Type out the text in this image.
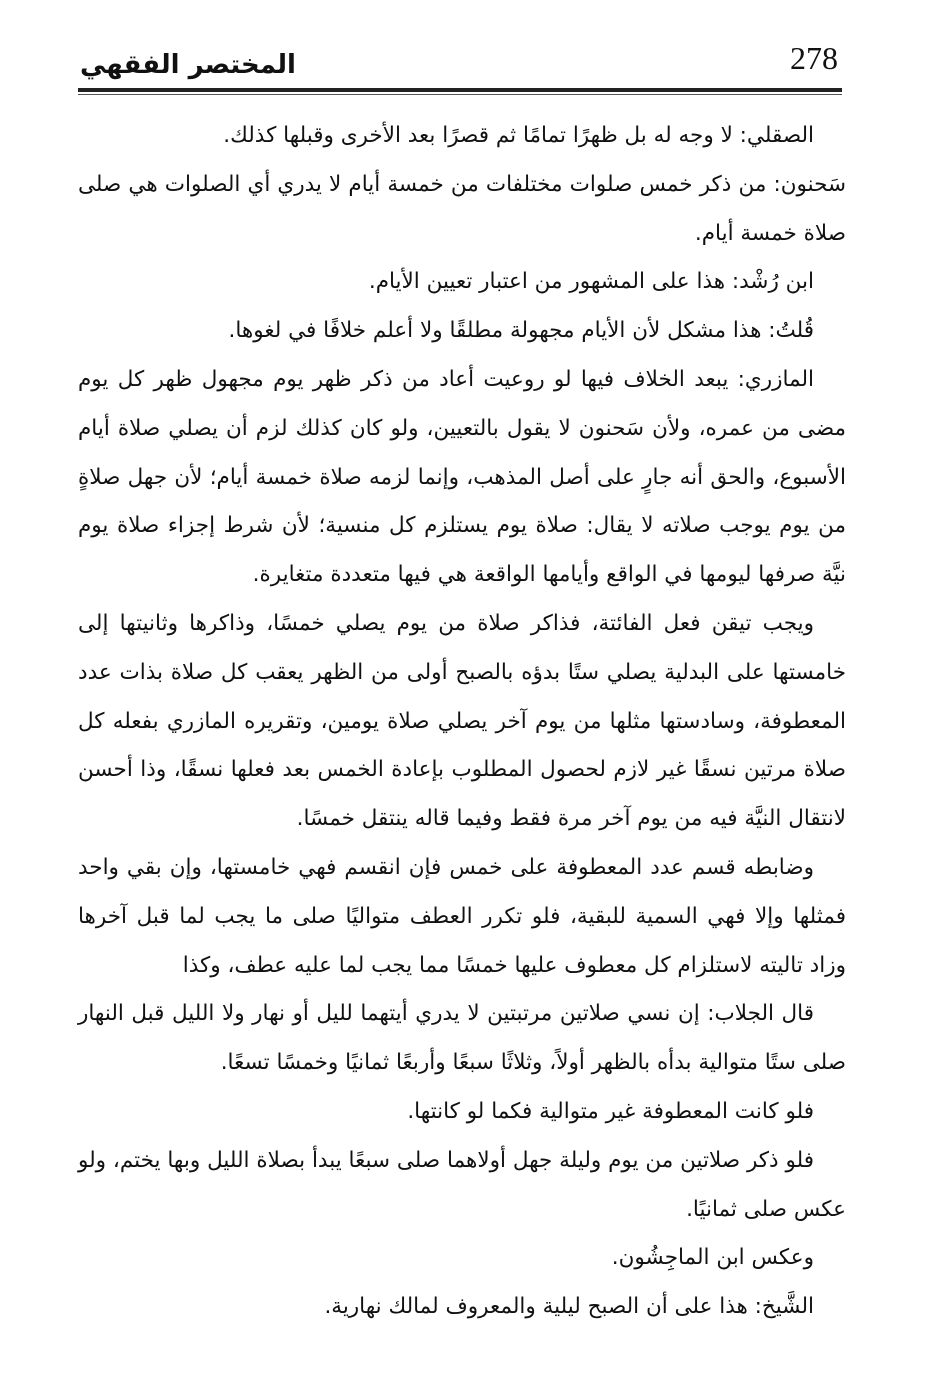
278
المختصر الفقهي

الصقلي: لا وجه له بل ظهرًا تمامًا ثم قصرًا بعد الأخرى وقبلها كذلك.

سَحنون: من ذكر خمس صلوات مختلفات من خمسة أيام لا يدري أي الصلوات هي صلى صلاة خمسة أيام.

ابن رُشْد: هذا على المشهور من اعتبار تعيين الأيام.

قُلتُ: هذا مشكل لأن الأيام مجهولة مطلقًا ولا أعلم خلافًا في لغوها.

المازري: يبعد الخلاف فيها لو روعيت أعاد من ذكر ظهر يوم مجهول ظهر كل يوم مضى من عمره، ولأن سَحنون لا يقول بالتعيين، ولو كان كذلك لزم أن يصلي صلاة أيام الأسبوع، والحق أنه جارٍ على أصل المذهب، وإنما لزمه صلاة خمسة أيام؛ لأن جهل صلاةٍ من يوم يوجب صلاته لا يقال: صلاة يوم يستلزم كل منسية؛ لأن شرط إجزاء صلاة يوم نيَّة صرفها ليومها في الواقع وأيامها الواقعة هي فيها متعددة متغايرة.

ويجب تيقن فعل الفائتة، فذاكر صلاة من يوم يصلي خمسًا، وذاكرها وثانيتها إلى خامستها على البدلية يصلي ستًا بدؤه بالصبح أولى من الظهر يعقب كل صلاة بذات عدد المعطوفة، وسادستها مثلها من يوم آخر يصلي صلاة يومين، وتقريره المازري بفعله كل صلاة مرتين نسقًا غير لازم لحصول المطلوب بإعادة الخمس بعد فعلها نسقًا، وذا أحسن لانتقال النيَّة فيه من يوم آخر مرة فقط وفيما قاله ينتقل خمسًا.

وضابطه قسم عدد المعطوفة على خمس فإن انقسم فهي خامستها، وإن بقي واحد فمثلها وإلا فهي السمية للبقية، فلو تكرر العطف متواليًا صلى ما يجب لما قبل آخرها وزاد تاليته لاستلزام كل معطوف عليها خمسًا مما يجب لما عليه عطف، وكذا

قال الجلاب: إن نسي صلاتين مرتبتين لا يدري أيتهما لليل أو نهار ولا الليل قبل النهار صلى ستًا متوالية بدأه بالظهر أولاً، وثلاثًا سبعًا وأربعًا ثمانيًا وخمسًا تسعًا.

فلو كانت المعطوفة غير متوالية فكما لو كانتها.

فلو ذكر صلاتين من يوم وليلة جهل أولاهما صلى سبعًا يبدأ بصلاة الليل وبها يختم، ولو عكس صلى ثمانيًا.

وعكس ابن الماجِشُون.

الشَّيخ: هذا على أن الصبح ليلية والمعروف لمالك نهارية.
